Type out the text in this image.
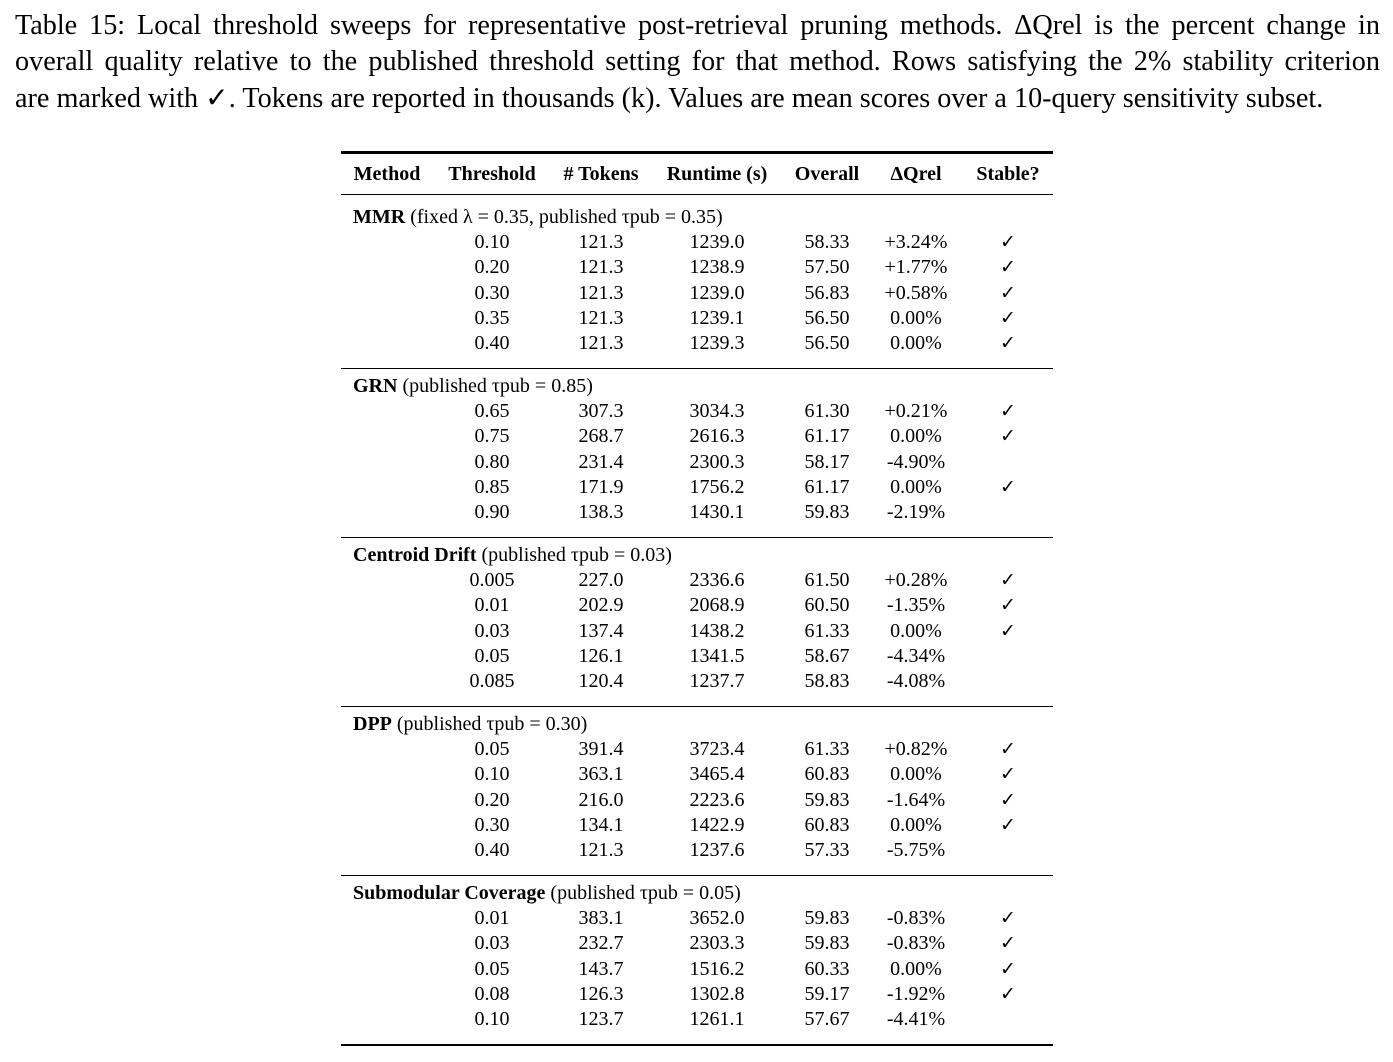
Table 15: Local threshold sweeps for representative post-retrieval pruning methods. ΔQrel is the percent change in
overall quality relative to the published threshold setting for that method. Rows satisfying the 2% stability criterion
are marked with ✓. Tokens are reported in thousands (k). Values are mean scores over a 10-query sensitivity subset.
Method Threshold # Tokens Runtime (s) Overall ΔQrel Stable?
MMR (fixed λ = 0.35, published τpub = 0.35)
0.10	121.3	1239.0	58.33 +3.24%	✓
0.20	121.3	1238.9	57.50 +1.77%	✓
0.30	121.3	1239.0	56.83 +0.58%	✓
0.35	121.3	1239.1	56.50 0.00%	✓
0.40	121.3	1239.3	56.50 0.00%	✓
GRN (published τpub = 0.85)
0.65	307.3	3034.3	61.30 +0.21%	✓
0.75	268.7	2616.3	61.17 0.00%	✓
0.80	231.4	2300.3	58.17 -4.90%
0.85	171.9	1756.2	61.17 0.00%	✓
0.90	138.3	1430.1	59.83 -2.19%
Centroid Drift (published τpub = 0.03)
0.005	227.0	2336.6	61.50 +0.28%	✓
0.01	202.9	2068.9	60.50 -1.35%	✓
0.03	137.4	1438.2	61.33 0.00%	✓
0.05	126.1	1341.5	58.67 -4.34%
0.085	120.4	1237.7	58.83 -4.08%
DPP (published τpub = 0.30)
0.05	391.4	3723.4	61.33 +0.82%	✓
0.10	363.1	3465.4	60.83 0.00%	✓
0.20	216.0	2223.6	59.83 -1.64%	✓
0.30	134.1	1422.9	60.83 0.00%	✓
0.40	121.3	1237.6	57.33 -5.75%
Submodular Coverage (published τpub = 0.05)
0.01	383.1	3652.0	59.83 -0.83%	✓
0.03	232.7	2303.3	59.83 -0.83%	✓
0.05	143.7	1516.2	60.33 0.00%	✓
0.08	126.3	1302.8	59.17 -1.92%	✓
0.10	123.7	1261.1	57.67 -4.41%
